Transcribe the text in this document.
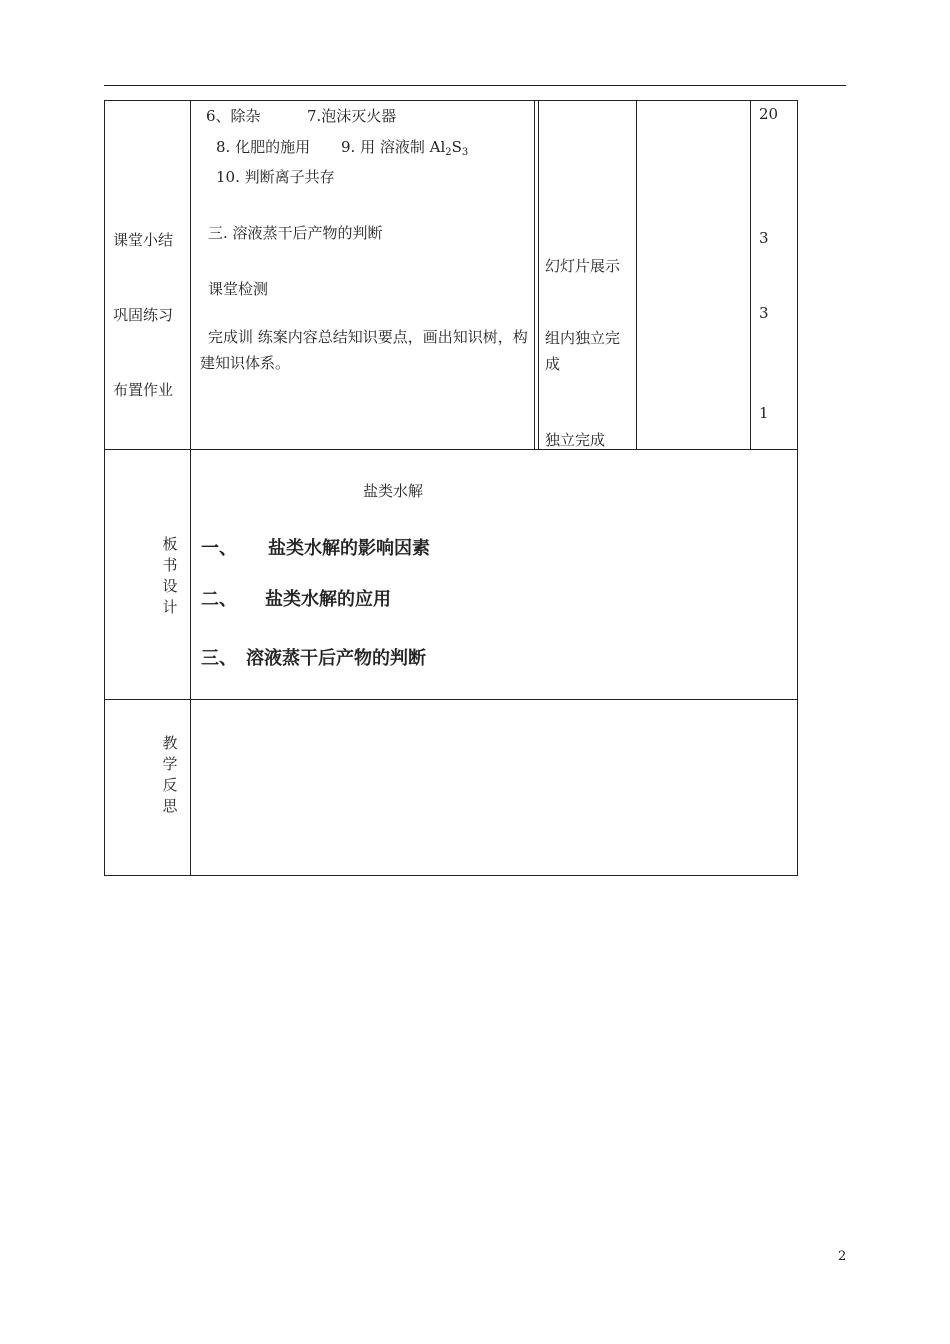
课堂小结
巩固练习
布置作业
6、除杂	7.泡沫灭火器
8. 化肥的施用 9. 用 溶液制 $Al_2S_3$
10. 判断离子共存
三. 溶液蒸干后产物的判断
课堂检测
完成训 练案内容总结知识要点，画出知识树，构建知识体系。
幻灯片展示
组内独立完成
独立完成
20
3
3
1
板书设计
盐类水解
一、 盐类水解的影响因素
二、 盐类水解的应用
三、 溶液蒸干后产物的判断
教学反思
2
